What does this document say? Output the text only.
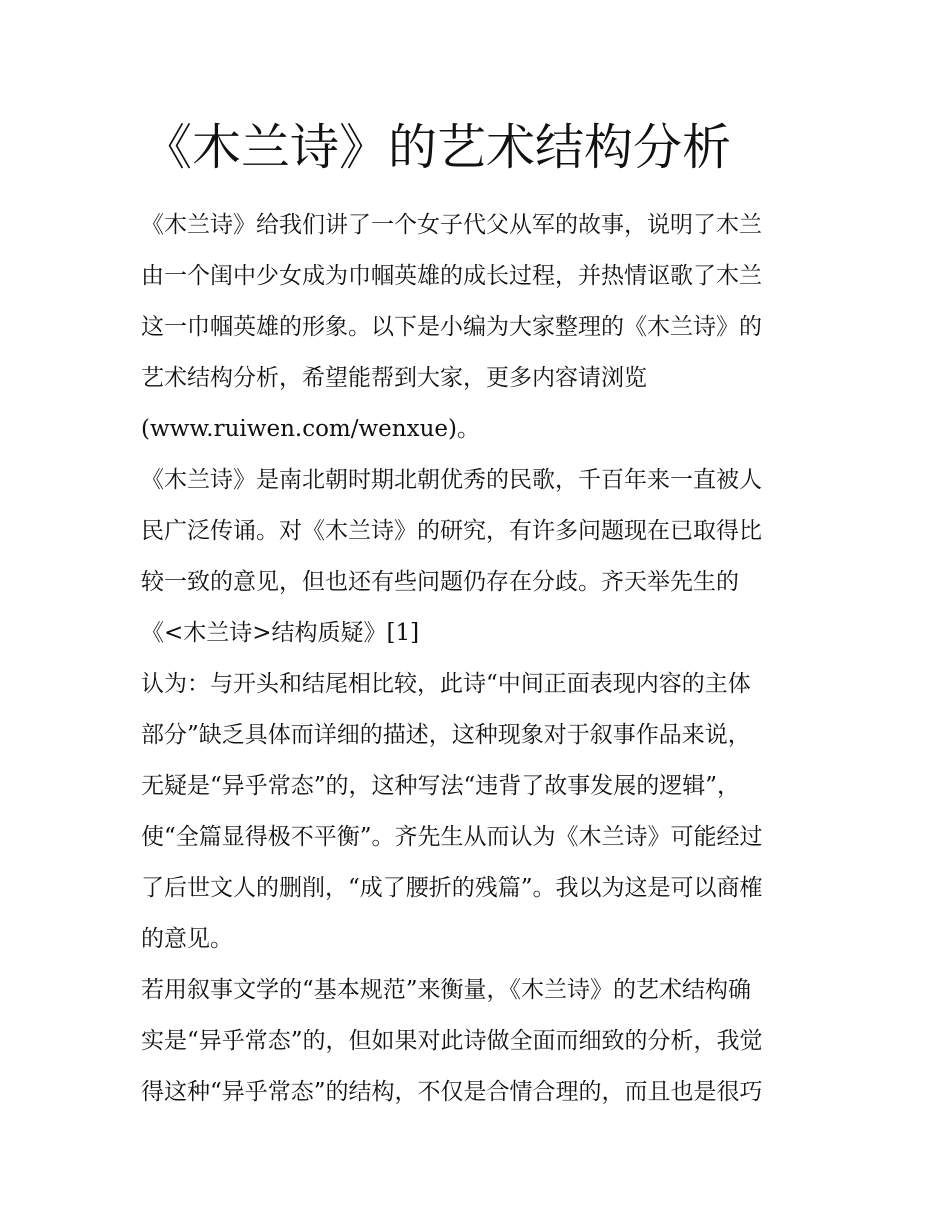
《木兰诗》的艺术结构分析

《木兰诗》给我们讲了一个女子代父从军的故事，说明了木兰

由一个闺中少女成为巾帼英雄的成长过程，并热情讴歌了木兰

这一巾帼英雄的形象。以下是小编为大家整理的《木兰诗》的

艺术结构分析，希望能帮到大家，更多内容请浏览

(www.ruiwen.com/wenxue)。

《木兰诗》是南北朝时期北朝优秀的民歌，千百年来一直被人

民广泛传诵。对《木兰诗》的研究，有许多问题现在已取得比

较一致的意见，但也还有些问题仍存在分歧。齐天举先生的

《<木兰诗>结构质疑》[1]

认为：与开头和结尾相比较，此诗“中间正面表现内容的主体

部分”缺乏具体而详细的描述，这种现象对于叙事作品来说，

无疑是“异乎常态”的，这种写法“违背了故事发展的逻辑”，

使“全篇显得极不平衡”。齐先生从而认为《木兰诗》可能经过

了后世文人的删削，“成了腰折的残篇”。我以为这是可以商榷

的意见。

若用叙事文学的“基本规范”来衡量，《木兰诗》的艺术结构确

实是“异乎常态”的，但如果对此诗做全面而细致的分析，我觉

得这种“异乎常态”的结构，不仅是合情合理的，而且也是很巧
